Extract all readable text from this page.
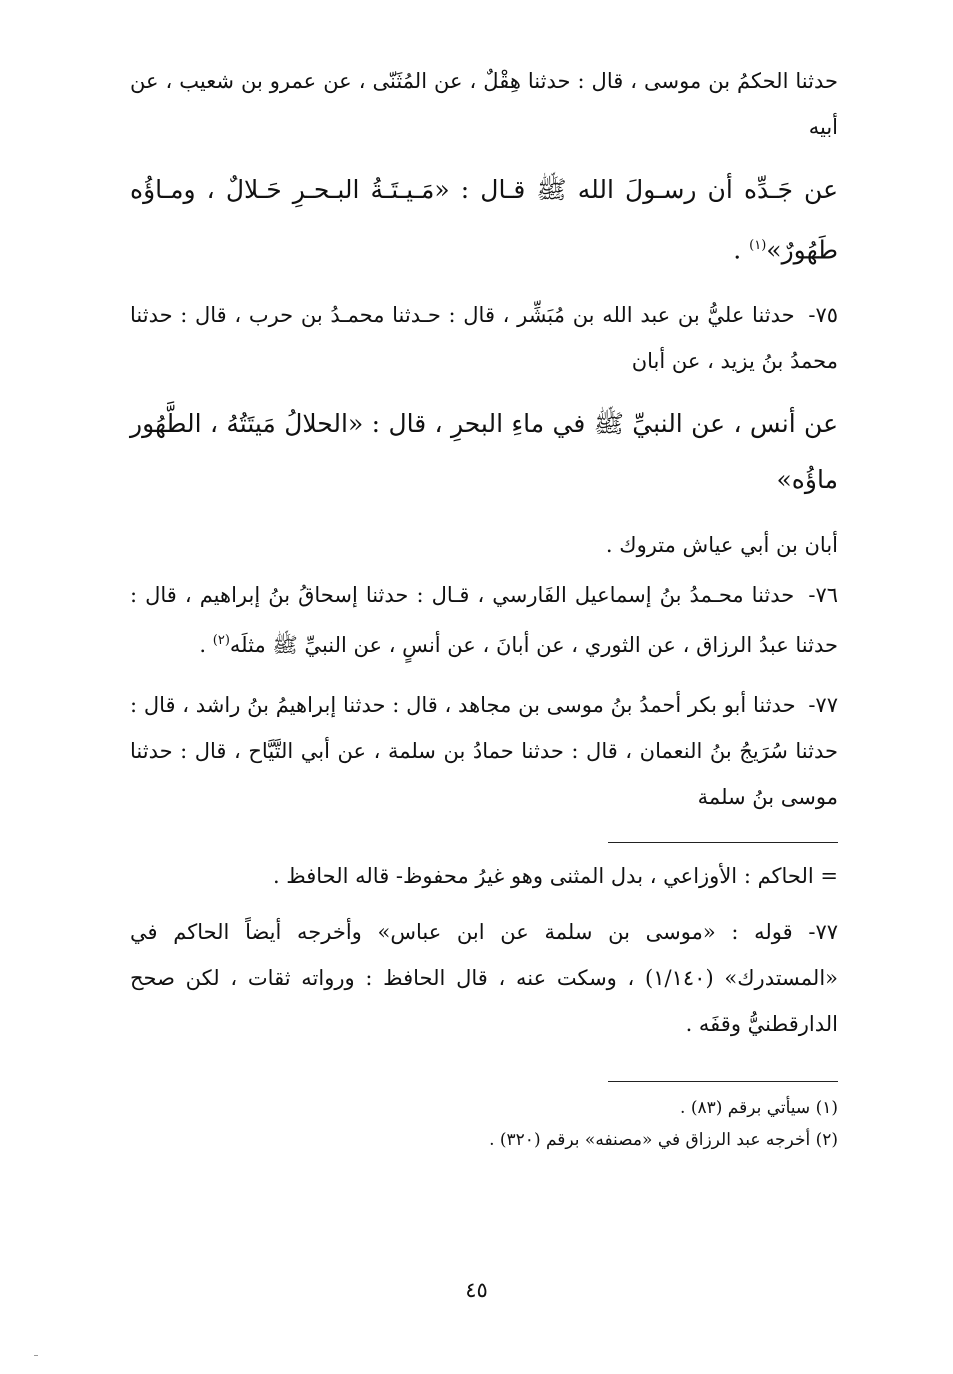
حدثنا الحكمُ بن موسى ، قال : حدثنا هِقْلٌ ، عن المُثَنّى ، عن عمرو بن شعيب ، عن أبيه

عن جَـدِّه أن رسـولَ الله ﷺ قـال : «مَـيـتَـةُ البـحـرِ حَـلالٌ ، ومـاؤُه طَهُورٌ»$^{(١)}$ .

٧٥- حدثنا عليُّ بن عبد الله بن مُبَشِّر ، قال : حـدثنا محمـدُ بن حرب ، قال : حدثنا محمدُ بنُ يزيد ، عن أبان

عن أنس ، عن النبيِّ ﷺ في ماءِ البحرِ ، قال : «الحلالُ مَيتَتُهُ ، الطَّهُور ماؤُه»

أبان بن أبي عياش متروك .

٧٦- حدثنا محـمدُ بنُ إسماعيل الفَارسي ، قـال : حدثنا إسحاقُ بنُ إبراهيم ، قال : حدثنا عبدُ الرزاق ، عن الثوري ، عن أبانَ ، عن أنسٍ ، عن النبيِّ ﷺ مثلَه$^{(٢)}$ .

٧٧- حدثنا أبو بكر أحمدُ بنُ موسى بن مجاهد ، قال : حدثنا إبراهيمُ بنُ راشد ، قال : حدثنا سُرَيجُ بنُ النعمان ، قال : حدثنا حمادُ بن سلمة ، عن أبي التَّيَّاح ، قال : حدثنا موسى بنُ سلمة

= الحاكم : الأوزاعي ، بدل المثنى وهو غيرُ محفوظ- قاله الحافظ .

٧٧- قوله : «موسى بن سلمة عن ابن عباس» وأخرجه أيضاً الحاكم في «المستدرك» (١/١٤٠) ، وسكت عنه ، قال الحافظ : ورواته ثقات ، لكن صحح الدارقطنيُّ وقفَه .

(١) سيأتي برقم (٨٣) .

(٢) أخرجه عبد الرزاق في «مصنفه» برقم (٣٢٠) .

٤٥
